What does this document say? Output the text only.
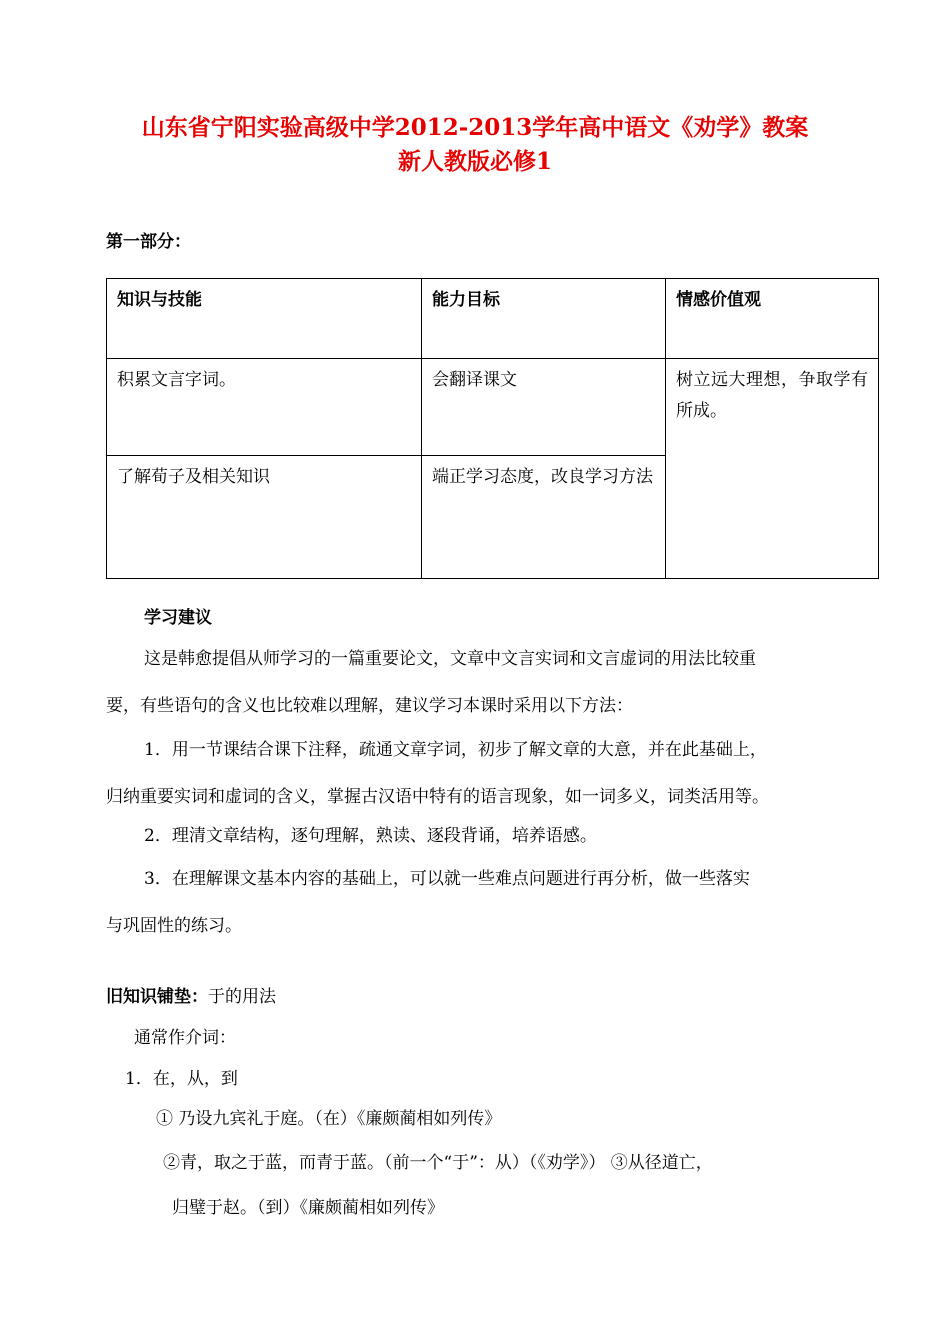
山东省宁阳实验高级中学2012-2013学年高中语文《劝学》教案
新人教版必修1
第一部分：
知识与技能	能力目标	情感价值观
积累文言字词。	会翻译课文	树立远大理想，争取学有所成。
了解荀子及相关知识	端正学习态度，改良学习方法	
学习建议
这是韩愈提倡从师学习的一篇重要论文，文章中文言实词和文言虚词的用法比较重
要，有些语句的含义也比较难以理解，建议学习本课时采用以下方法：
1．用一节课结合课下注释，疏通文章字词，初步了解文章的大意，并在此基础上，
归纳重要实词和虚词的含义，掌握古汉语中特有的语言现象，如一词多义，词类活用等。
2．理清文章结构，逐句理解，熟读、逐段背诵，培养语感。
3．在理解课文基本内容的基础上，可以就一些难点问题进行再分析，做一些落实
与巩固性的练习。
旧知识铺垫：于的用法
通常作介词：
1．在，从，到
① 乃设九宾礼于庭。（在）《廉颇蔺相如列传》
②青，取之于蓝，而青于蓝。（前一个“于”：从）（《劝学》） ③从径道亡，
归璧于赵。（到）《廉颇蔺相如列传》
